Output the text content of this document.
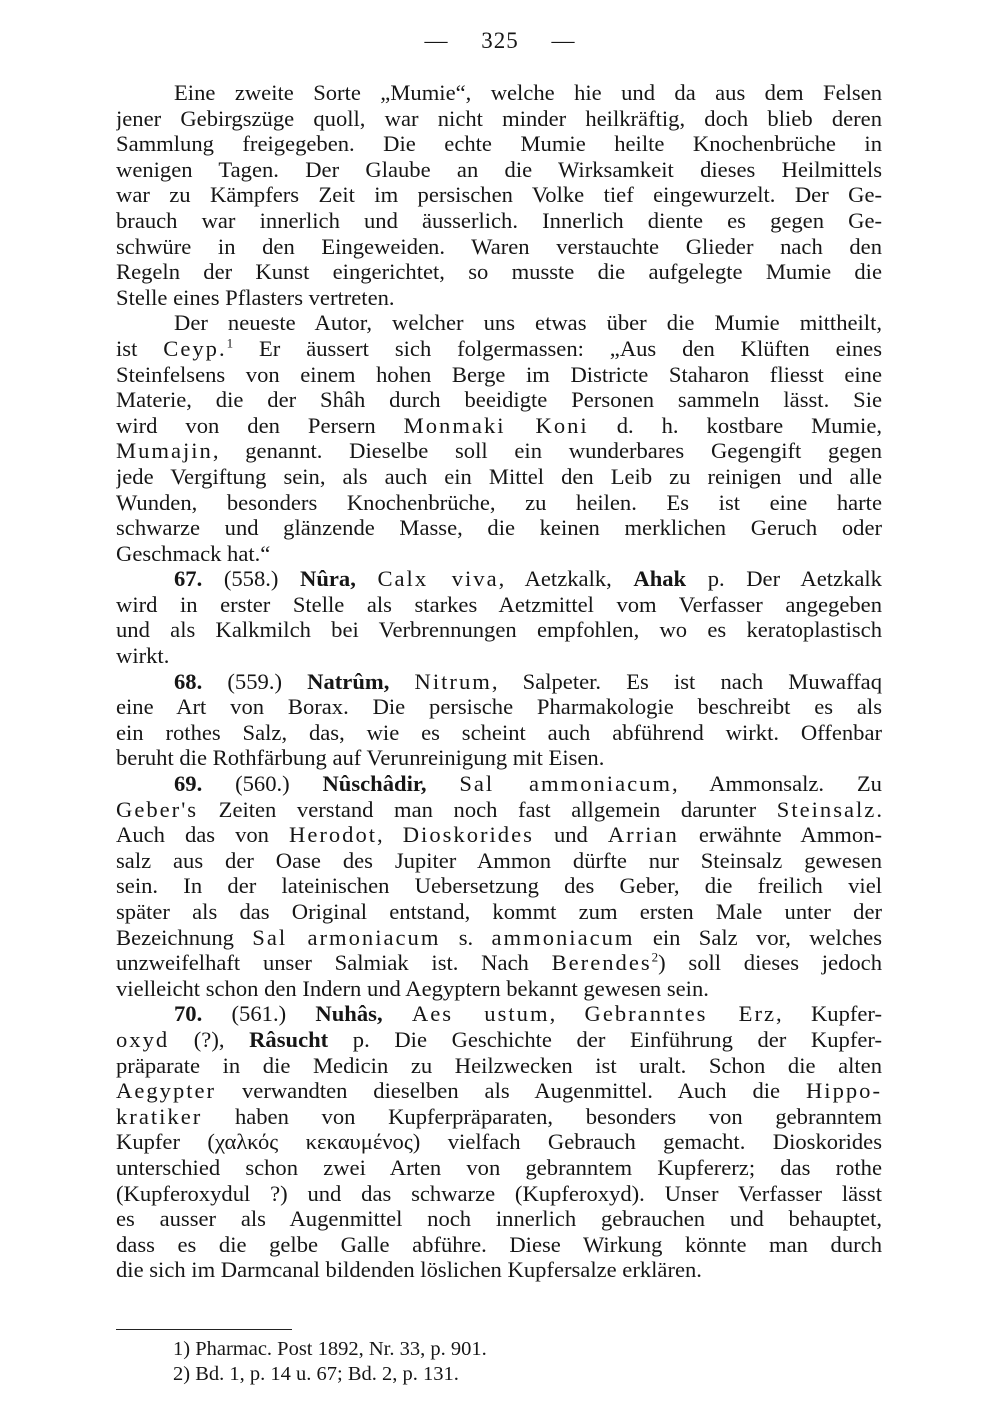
— 325 —
Eine zweite Sorte „Mumie“, welche hie und da aus dem Felsen
jener Gebirgszüge quoll, war nicht minder heilkräftig, doch blieb deren
Sammlung freigegeben. Die echte Mumie heilte Knochenbrüche in
wenigen Tagen. Der Glaube an die Wirksamkeit dieses Heilmittels
war zu Kämpfers Zeit im persischen Volke tief eingewurzelt. Der Ge-
brauch war innerlich und äusserlich. Innerlich diente es gegen Ge-
schwüre in den Eingeweiden. Waren verstauchte Glieder nach den
Regeln der Kunst eingerichtet, so musste die aufgelegte Mumie die
Stelle eines Pflasters vertreten.
Der neueste Autor, welcher uns etwas über die Mumie mittheilt,
ist Ceyp.$^1$ Er äussert sich folgermassen: „Aus den Klüften eines
Steinfelsens von einem hohen Berge im Districte Staharon fliesst eine
Materie, die der Shâh durch beeidigte Personen sammeln lässt. Sie
wird von den Persern Monmaki Koni d. h. kostbare Mumie,
Mumajin, genannt. Dieselbe soll ein wunderbares Gegengift gegen
jede Vergiftung sein, als auch ein Mittel den Leib zu reinigen und alle
Wunden, besonders Knochenbrüche, zu heilen. Es ist eine harte
schwarze und glänzende Masse, die keinen merklichen Geruch oder
Geschmack hat.“
67. (558.) Nûra, Calx viva, Aetzkalk, Ahak p. Der Aetzkalk
wird in erster Stelle als starkes Aetzmittel vom Verfasser angegeben
und als Kalkmilch bei Verbrennungen empfohlen, wo es keratoplastisch
wirkt.
68. (559.) Natrûm, Nitrum, Salpeter. Es ist nach Muwaffaq
eine Art von Borax. Die persische Pharmakologie beschreibt es als
ein rothes Salz, das, wie es scheint auch abführend wirkt. Offenbar
beruht die Rothfärbung auf Verunreinigung mit Eisen.
69. (560.) Nûschâdir, Sal ammoniacum, Ammonsalz. Zu
Geber's Zeiten verstand man noch fast allgemein darunter Steinsalz.
Auch das von Herodot, Dioskorides und Arrian erwähnte Ammon-
salz aus der Oase des Jupiter Ammon dürfte nur Steinsalz gewesen
sein. In der lateinischen Uebersetzung des Geber, die freilich viel
später als das Original entstand, kommt zum ersten Male unter der
Bezeichnung Sal armoniacum s. ammoniacum ein Salz vor, welches
unzweifelhaft unser Salmiak ist. Nach Berendes$^2$) soll dieses jedoch
vielleicht schon den Indern und Aegyptern bekannt gewesen sein.
70. (561.) Nuhâs, Aes ustum, Gebranntes Erz, Kupfer-
oxyd (?), Râsucht p. Die Geschichte der Einführung der Kupfer-
präparate in die Medicin zu Heilzwecken ist uralt. Schon die alten
Aegypter verwandten dieselben als Augenmittel. Auch die Hippo-
kratiker haben von Kupferpräparaten, besonders von gebranntem
Kupfer (χαλκός κεκαυμένος) vielfach Gebrauch gemacht. Dioskorides
unterschied schon zwei Arten von gebranntem Kupfererz; das rothe
(Kupferoxydul ?) und das schwarze (Kupferoxyd). Unser Verfasser lässt
es ausser als Augenmittel noch innerlich gebrauchen und behauptet,
dass es die gelbe Galle abführe. Diese Wirkung könnte man durch
die sich im Darmcanal bildenden löslichen Kupfersalze erklären.
1) Pharmac. Post 1892, Nr. 33, p. 901.
2) Bd. 1, p. 14 u. 67; Bd. 2, p. 131.
